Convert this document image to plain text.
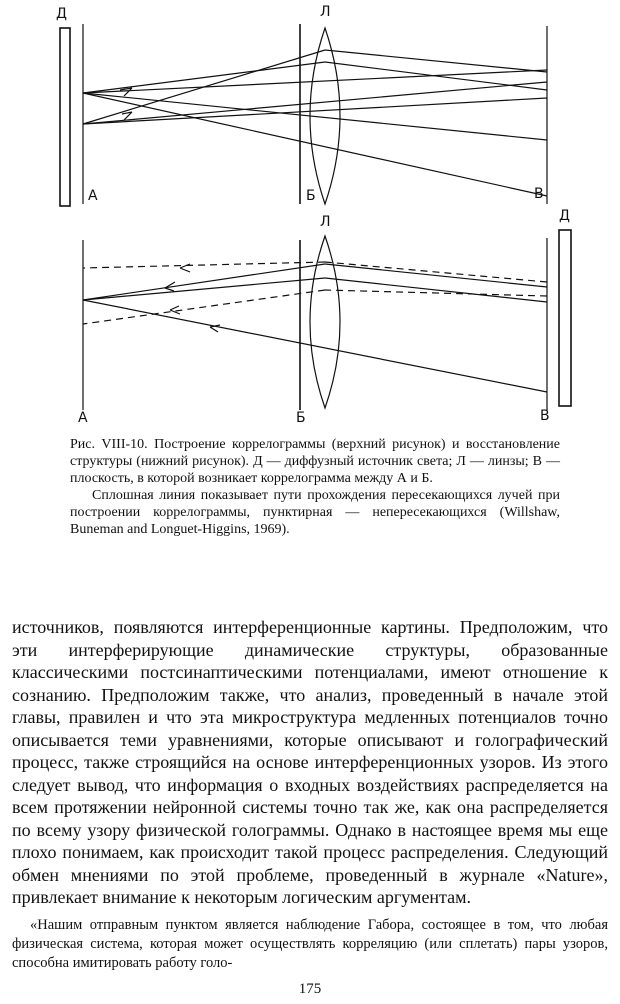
Д	Л
А	Б	В
Л	Д
А	Б	В

Рис. VIII-10. Построение коррелограммы (верхний рисунок) и восстановление структуры (нижний рисунок). Д — диффузный источник света; Л — линзы; В — плоскость, в которой возникает коррелограмма между А и Б.

Сплошная линия показывает пути прохождения пересекающихся лучей при построении коррелограммы, пунктирная — непересекающихся (Willshaw, Buneman and Longuet-Higgins, 1969).

источников, появляются интерференционные картины. Предположим, что эти интерферирующие динамические структуры, образованные классическими постсинаптическими потенциалами, имеют отношение к сознанию. Предположим также, что анализ, проведенный в начале этой главы, правилен и что эта микроструктура медленных потенциалов точно описывается теми уравнениями, которые описывают и голографический процесс, также строящийся на основе интерференционных узоров. Из этого следует вывод, что информация о входных воздействиях распределяется на всем протяжении нейронной системы точно так же, как она распределяется по всему узору физической голограммы. Однако в настоящее время мы еще плохо понимаем, как происходит такой процесс распределения. Следующий обмен мнениями по этой проблеме, проведенный в журнале «Nature», привлекает внимание к некоторым логическим аргументам.

«Нашим отправным пунктом является наблюдение Габора, состоящее в том, что любая физическая система, которая может осуществлять корреляцию (или сплетать) пары узоров, способна имитировать работу голо-

175
